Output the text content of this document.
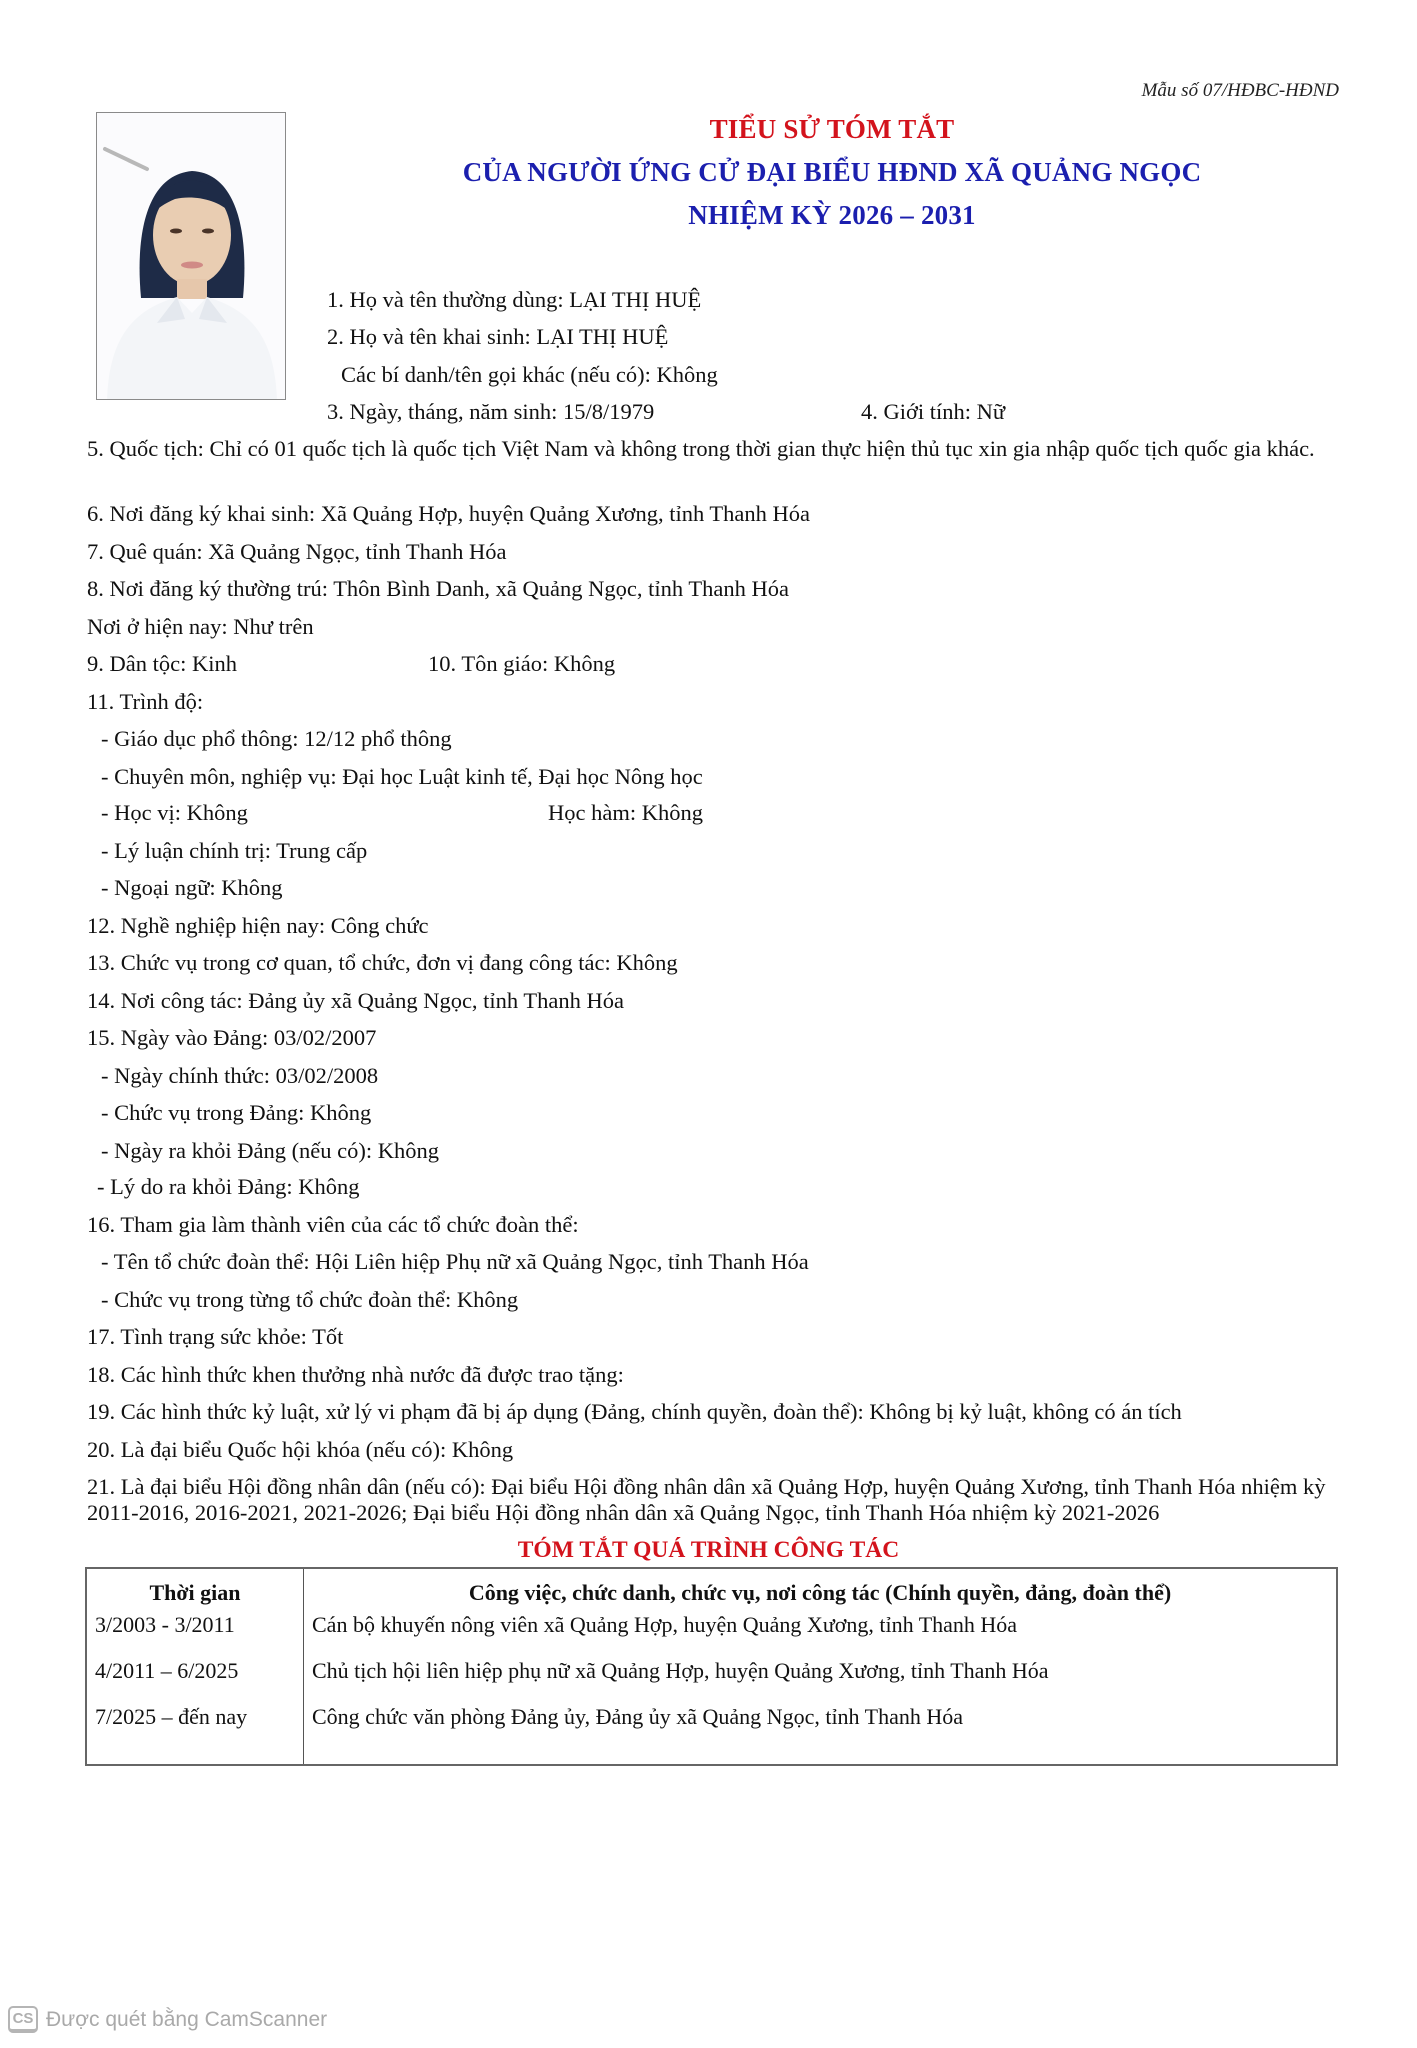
Mẫu số 07/HĐBC-HĐND
TIỂU SỬ TÓM TẮT
CỦA NGƯỜI ỨNG CỬ ĐẠI BIỂU HĐND XÃ QUẢNG NGỌC
NHIỆM KỲ 2026 – 2031
1. Họ và tên thường dùng: LẠI THỊ HUỆ
2. Họ và tên khai sinh: LẠI THỊ HUỆ
Các bí danh/tên gọi khác (nếu có): Không
3. Ngày, tháng, năm sinh: 15/8/1979	4. Giới tính: Nữ
5. Quốc tịch: Chỉ có 01 quốc tịch là quốc tịch Việt Nam và không trong thời gian thực hiện thủ tục xin gia nhập quốc tịch quốc gia khác.
6. Nơi đăng ký khai sinh: Xã Quảng Hợp, huyện Quảng Xương, tỉnh Thanh Hóa
7. Quê quán: Xã Quảng Ngọc, tỉnh Thanh Hóa
8. Nơi đăng ký thường trú: Thôn Bình Danh, xã Quảng Ngọc, tỉnh Thanh Hóa
Nơi ở hiện nay: Như trên
9. Dân tộc: Kinh	10. Tôn giáo: Không
11. Trình độ:
- Giáo dục phổ thông: 12/12 phổ thông
- Chuyên môn, nghiệp vụ: Đại học Luật kinh tế, Đại học Nông học
- Học vị: Không	Học hàm: Không
- Lý luận chính trị: Trung cấp
- Ngoại ngữ: Không
12. Nghề nghiệp hiện nay: Công chức
13. Chức vụ trong cơ quan, tổ chức, đơn vị đang công tác: Không
14. Nơi công tác: Đảng ủy xã Quảng Ngọc, tỉnh Thanh Hóa
15. Ngày vào Đảng: 03/02/2007
- Ngày chính thức: 03/02/2008
- Chức vụ trong Đảng: Không
- Ngày ra khỏi Đảng (nếu có): Không
- Lý do ra khỏi Đảng: Không
16. Tham gia làm thành viên của các tổ chức đoàn thể:
- Tên tổ chức đoàn thể: Hội Liên hiệp Phụ nữ xã Quảng Ngọc, tỉnh Thanh Hóa
- Chức vụ trong từng tổ chức đoàn thể: Không
17. Tình trạng sức khỏe: Tốt
18. Các hình thức khen thưởng nhà nước đã được trao tặng:
19. Các hình thức kỷ luật, xử lý vi phạm đã bị áp dụng (Đảng, chính quyền, đoàn thể): Không bị kỷ luật, không có án tích
20. Là đại biểu Quốc hội khóa (nếu có): Không
21. Là đại biểu Hội đồng nhân dân (nếu có): Đại biểu Hội đồng nhân dân xã Quảng Hợp, huyện Quảng Xương, tỉnh Thanh Hóa nhiệm kỳ 2011-2016, 2016-2021, 2021-2026; Đại biểu Hội đồng nhân dân xã Quảng Ngọc, tỉnh Thanh Hóa nhiệm kỳ 2021-2026
TÓM TẮT QUÁ TRÌNH CÔNG TÁC
Thời gian	Công việc, chức danh, chức vụ, nơi công tác (Chính quyền, đảng, đoàn thể)
3/2003 - 3/2011	Cán bộ khuyến nông viên xã Quảng Hợp, huyện Quảng Xương, tỉnh Thanh Hóa
4/2011 – 6/2025	Chủ tịch hội liên hiệp phụ nữ xã Quảng Hợp, huyện Quảng Xương, tỉnh Thanh Hóa
7/2025 – đến nay	Công chức văn phòng Đảng ủy, Đảng ủy xã Quảng Ngọc, tỉnh Thanh Hóa
CS Được quét bằng CamScanner
